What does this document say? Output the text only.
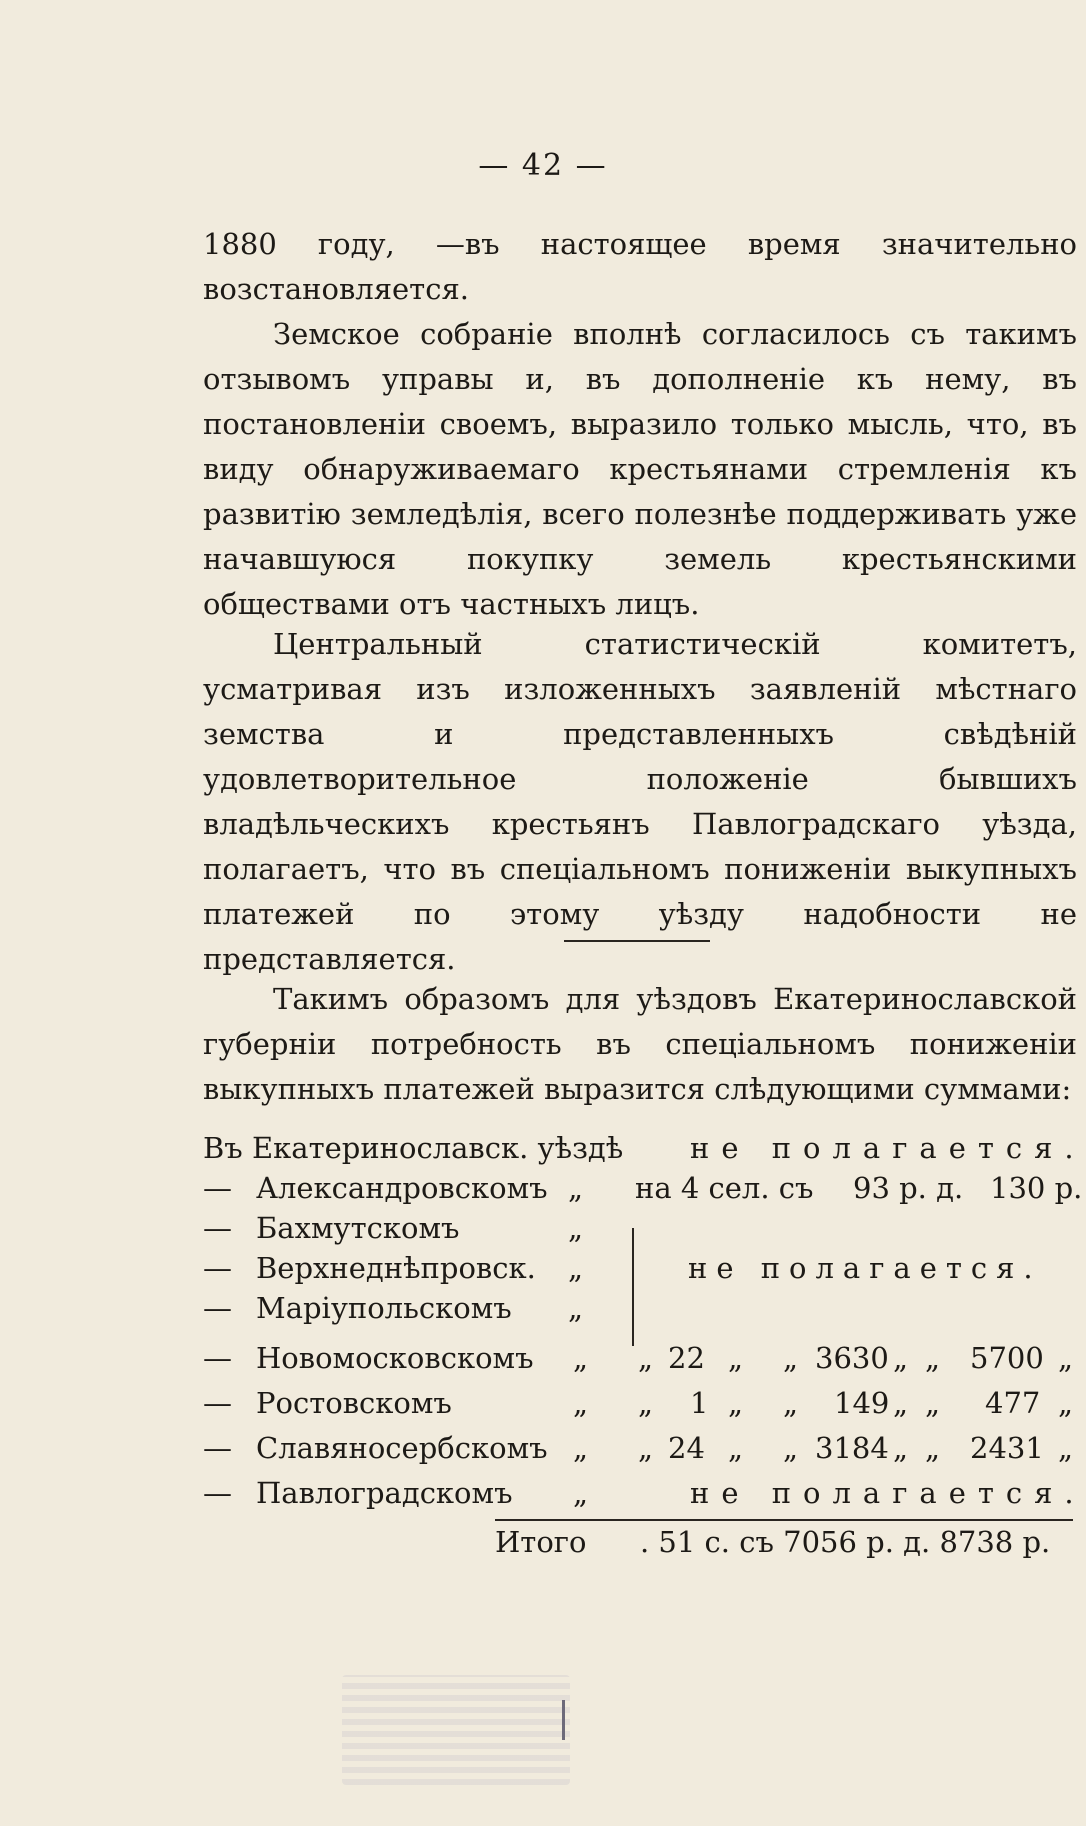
— 42 —

1880 году, —въ настоящее время значительно возстановляется.

Земское собраніе вполнѣ согласилось съ такимъ отзывомъ управы и, въ дополненіе къ нему, въ постановленіи своемъ, выразило только мысль, что, въ виду обнаруживаемаго крестьянами стремленія къ развитію земледѣлія, всего полезнѣе поддерживать уже начавшуюся покупку земель крестьянскими обществами отъ частныхъ лицъ.

Центральный статистическій комитетъ, усматривая изъ изложенныхъ заявленій мѣстнаго земства и представленныхъ свѣдѣній удовлетворительное положеніе бывшихъ владѣльческихъ крестьянъ Павлоградскаго уѣзда, полагаетъ, что въ спеціальномъ пониженіи выкупныхъ платежей по этому уѣзду надобности не представляется.

Такимъ образомъ для уѣздовъ Екатеринославской губерніи потребность въ спеціальномъ пониженіи выкупныхъ платежей выразится слѣдующими суммами:

Въ Екатеринославск. уѣздѣ не полагается.
— Александровскомъ „ на 4 сел. съ 93 р. д. 130 р.
— Бахмутскомъ	„
— Верхнеднѣпровск. „	не полагается.
— Маріупольскомъ „
— Новомосковскомъ „ „ 22 „ „ 3630 „ „ 5700 „
— Ростовскомъ	„ „ 1 „ „ 149 „ „ 477 „
— Славяносербскомъ „ „ 24 „ „ 3184 „ „ 2431 „
— Павлоградскомъ „	не полагается.
Итого . 51 с. съ 7056 р. д. 8738 р.
